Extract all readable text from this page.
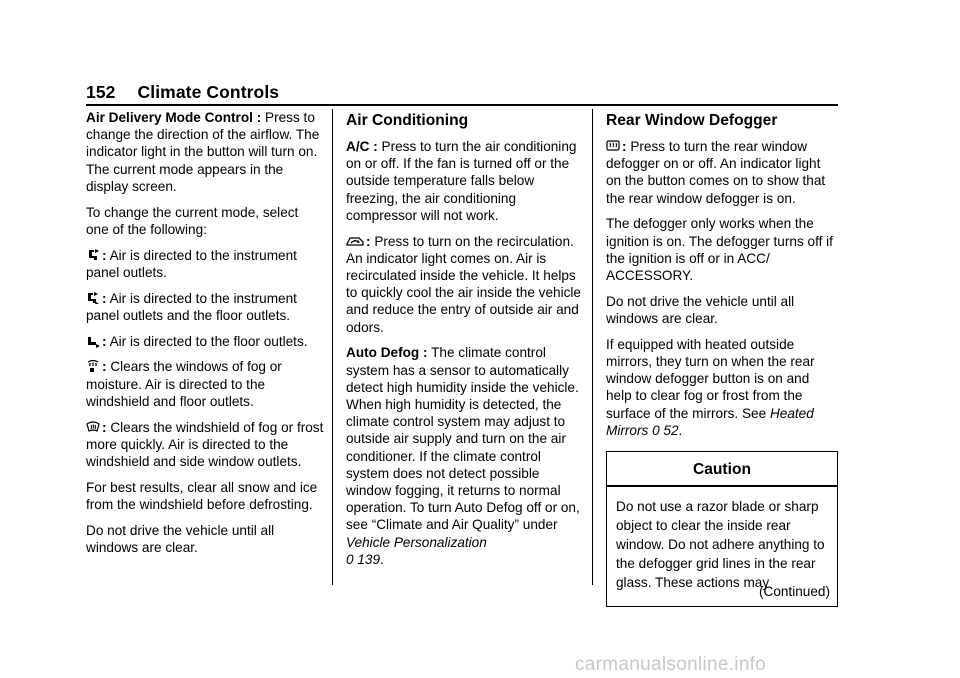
152 Climate Controls

Air Delivery Mode Control : Press to change the direction of the airflow. The indicator light in the button will turn on. The current mode appears in the display screen.

To change the current mode, select one of the following:

: Air is directed to the instrument panel outlets.

: Air is directed to the instrument panel outlets and the floor outlets.

: Air is directed to the floor outlets.

: Clears the windows of fog or moisture. Air is directed to the windshield and floor outlets.

: Clears the windshield of fog or frost more quickly. Air is directed to the windshield and side window outlets.

For best results, clear all snow and ice from the windshield before defrosting.

Do not drive the vehicle until all windows are clear.

Air Conditioning

A/C : Press to turn the air conditioning on or off. If the fan is turned off or the outside temperature falls below freezing, the air conditioning compressor will not work.

: Press to turn on the recirculation. An indicator light comes on. Air is recirculated inside the vehicle. It helps to quickly cool the air inside the vehicle and reduce the entry of outside air and odors.

Auto Defog : The climate control system has a sensor to automatically detect high humidity inside the vehicle. When high humidity is detected, the climate control system may adjust to outside air supply and turn on the air conditioner. If the climate control system does not detect possible window fogging, it returns to normal operation. To turn Auto Defog off or on, see “Climate and Air Quality” under Vehicle Personalization
0 139.

Rear Window Defogger

: Press to turn the rear window defogger on or off. An indicator light on the button comes on to show that the rear window defogger is on.

The defogger only works when the ignition is on. The defogger turns off if the ignition is off or in ACC/ ACCESSORY.

Do not drive the vehicle until all windows are clear.

If equipped with heated outside mirrors, they turn on when the rear window defogger button is on and help to clear fog or frost from the surface of the mirrors. See Heated Mirrors 0 52.

Caution
Do not use a razor blade or sharp object to clear the inside rear window. Do not adhere anything to the defogger grid lines in the rear glass. These actions may
(Continued)
carmanualsonline.info
